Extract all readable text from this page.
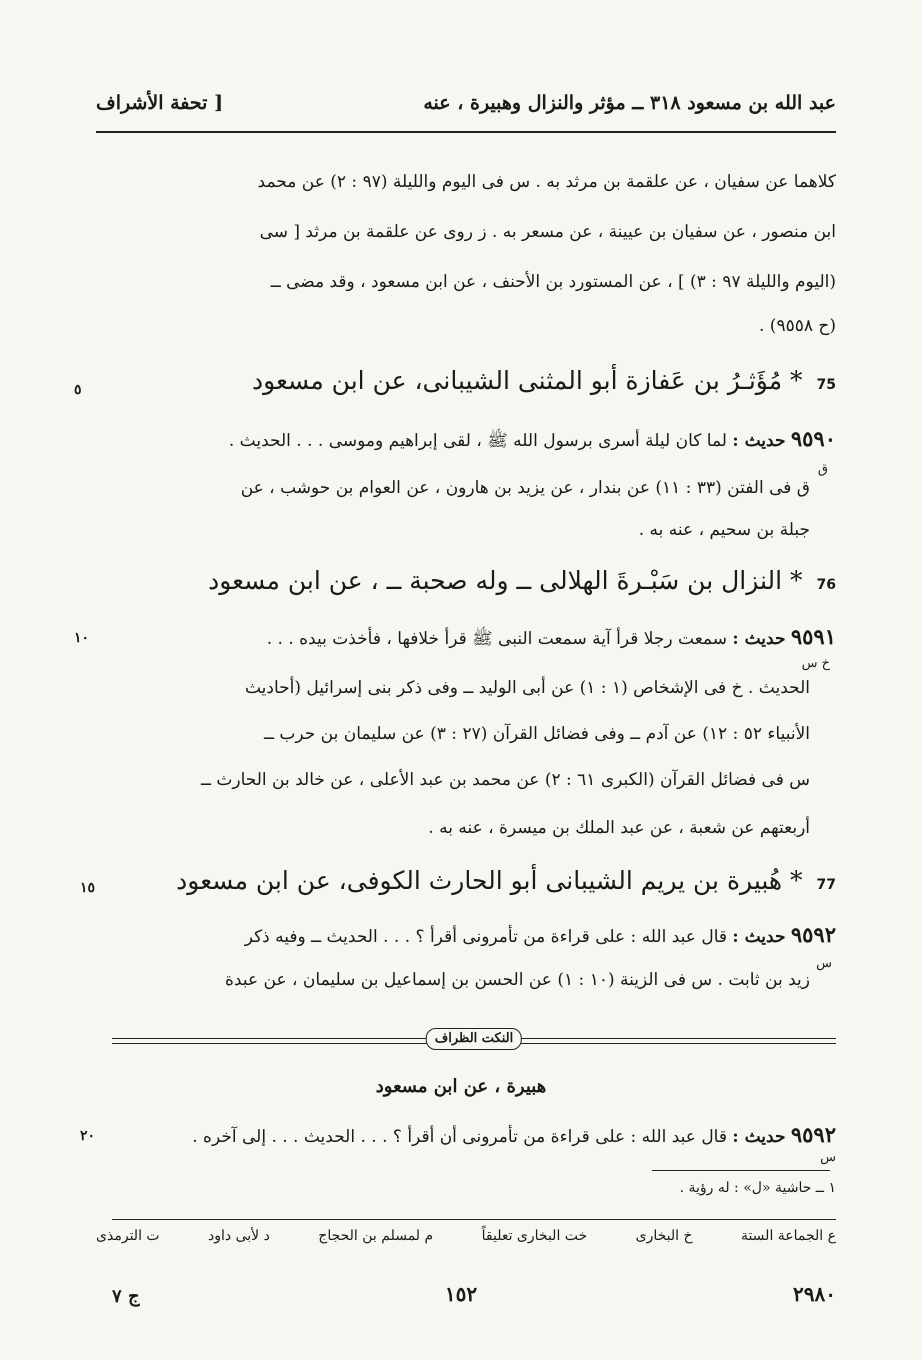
عبد الله بن مسعود ٣١٨ ــ مؤثر والنزال وهبيرة ، عنه
[ تحفة الأشراف
كلاهما عن سفيان ، عن علقمة بن مرثد به . س فى اليوم والليلة (٩٧ : ٢) عن محمد
ابن منصور ، عن سفيان بن عيينة ، عن مسعر به . ز روى عن علقمة بن مرثد [ سى
(اليوم والليلة ٩٧ : ٣) ] ، عن المستورد بن الأحنف ، عن ابن مسعود ، وقد مضى ــ
(ح ٩٥٥٨) .
75 * مُؤَثـرُ بن عَفازة أبو المثنى الشيبانى، عن ابن مسعود
٥
٩٥٩٠ حديث : لما كان ليلة أسرى برسول الله ﷺ ، لقى إبراهيم وموسى . . . الحديث .
ق
ق فى الفتن (٣٣ : ١١) عن بندار ، عن يزيد بن هارون ، عن العوام بن حوشب ، عن
جبلة بن سحيم ، عنه به .
76 * النزال بن سَبْـرةَ الهلالى ــ وله صحبة ــ ، عن ابن مسعود
٩٥٩١ حديث : سمعت رجلا قرأ آية سمعت النبى ﷺ قرأ خلافها ، فأخذت بيده . . .
١٠
خ س
الحديث . خ فى الإشخاص (١ : ١) عن أبى الوليد ــ وفى ذكر بنى إسرائيل (أحاديث
الأنبياء ٥٢ : ١٢) عن آدم ــ وفى فضائل القرآن (٢٧ : ٣) عن سليمان بن حرب ــ
س فى فضائل القرآن (الكبرى ٦١ : ٢) عن محمد بن عبد الأعلى ، عن خالد بن الحارث ــ
أربعتهم عن شعبة ، عن عبد الملك بن ميسرة ، عنه به .
77 * هُبيرة بن يريم الشيبانى أبو الحارث الكوفى، عن ابن مسعود
١٥
٩٥٩٢ حديث : قال عبد الله : على قراءة من تأمرونى أقرأ ؟ . . . الحديث ــ وفيه ذكر
س
زيد بن ثابت . س فى الزينة (١٠ : ١) عن الحسن بن إسماعيل بن سليمان ، عن عبدة
النكت الظراف
هبيرة ، عن ابن مسعود
٩٥٩٢ حديث : قال عبد الله : على قراءة من تأمرونى أن أقرأ ؟ . . . الحديث . . . إلى آخره .
٢٠
س
١ ــ حاشية «ل» : له رؤية .
ع الجماعة الستة
خ البخارى
خت البخارى تعليقاً
م لمسلم بن الحجاج
د لأبى داود
ت الترمذى
ج ٧	١٥٢	٢٩٨٠
